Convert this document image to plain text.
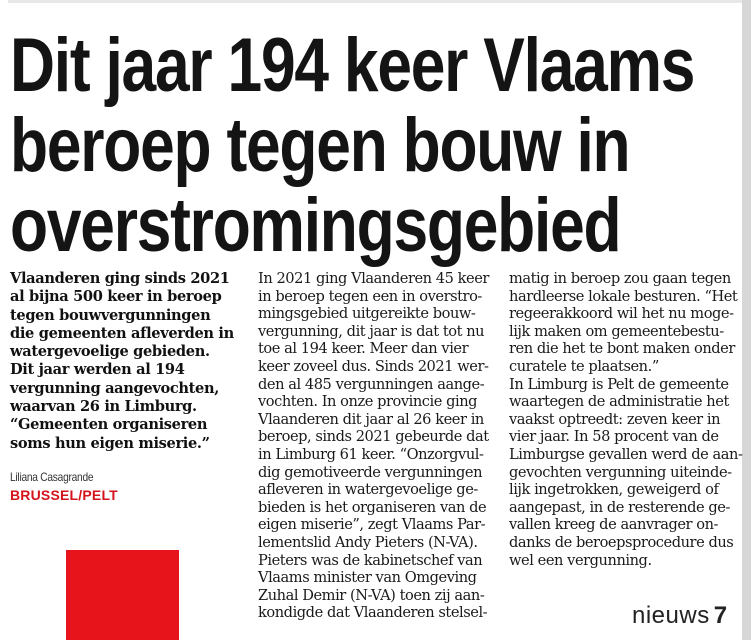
Dit jaar 194 keer Vlaams
beroep tegen bouw in
overstromingsgebied
Vlaanderen ging sinds 2021
al bijna 500 keer in beroep
tegen bouwvergunningen
die gemeenten afleverden in
watergevoelige gebieden.
Dit jaar werden al 194
vergunning aangevochten,
waarvan 26 in Limburg.
“Gemeenten organiseren
soms hun eigen miserie.”
Liliana Casagrande
BRUSSEL/PELT
In 2021 ging Vlaanderen 45 keer
in beroep tegen een in overstro-
mingsgebied uitgereikte bouw-
vergunning, dit jaar is dat tot nu
toe al 194 keer. Meer dan vier
keer zoveel dus. Sinds 2021 wer-
den al 485 vergunningen aange-
vochten. In onze provincie ging
Vlaanderen dit jaar al 26 keer in
beroep, sinds 2021 gebeurde dat
in Limburg 61 keer. “Onzorgvul-
dig gemotiveerde vergunningen
afleveren in watergevoelige ge-
bieden is het organiseren van de
eigen miserie”, zegt Vlaams Par-
lementslid Andy Pieters (N-VA).
Pieters was de kabinetschef van
Vlaams minister van Omgeving
Zuhal Demir (N-VA) toen zij aan-
kondigde dat Vlaanderen stelsel-
matig in beroep zou gaan tegen
hardleerse lokale besturen. “Het
regeerakkoord wil het nu moge-
lijk maken om gemeentebestu-
ren die het te bont maken onder
curatele te plaatsen.”
In Limburg is Pelt de gemeente
waartegen de administratie het
vaakst optreedt: zeven keer in
vier jaar. In 58 procent van de
Limburgse gevallen werd de aan-
gevochten vergunning uiteinde-
lijk ingetrokken, geweigerd of
aangepast, in de resterende ge-
vallen kreeg de aanvrager on-
danks de beroepsprocedure dus
wel een vergunning.
nieuws 7
